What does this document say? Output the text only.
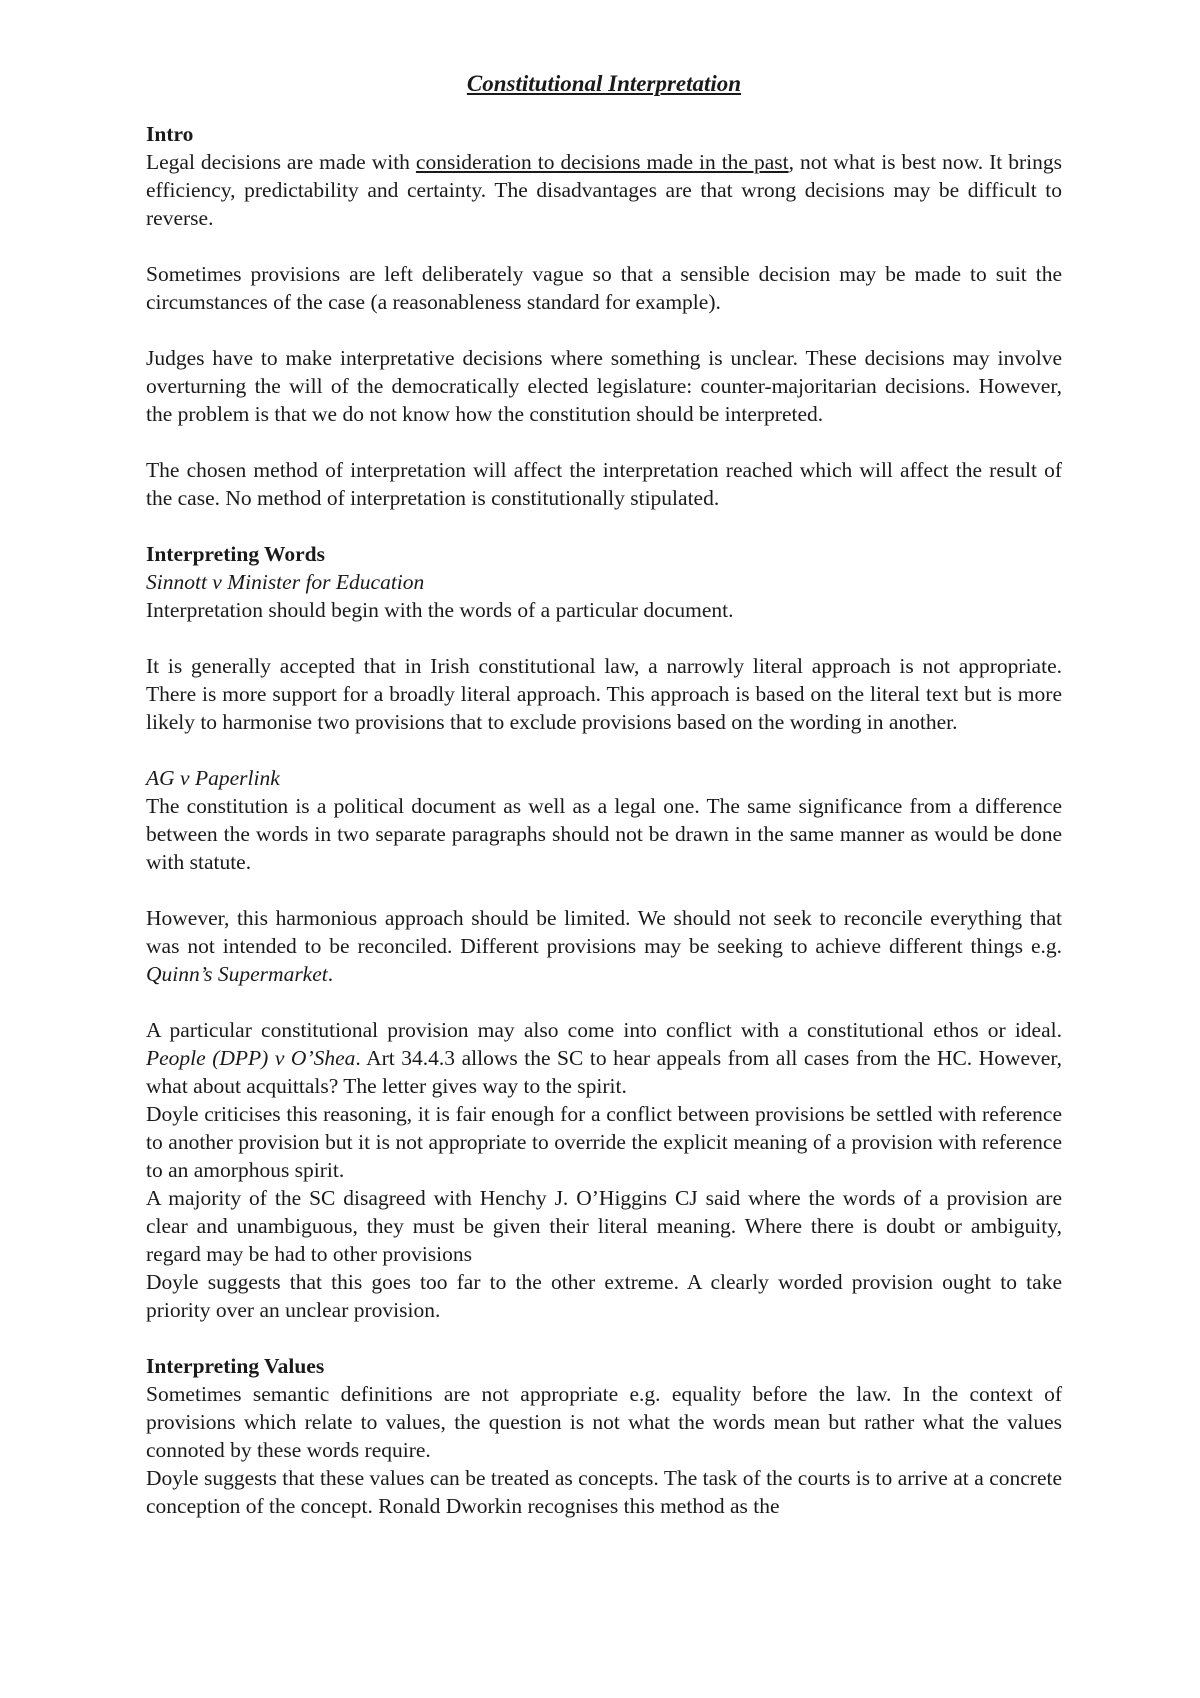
Constitutional Interpretation
Intro

Legal decisions are made with consideration to decisions made in the past, not what is best now. It brings efficiency, predictability and certainty. The disadvantages are that wrong decisions may be difficult to reverse.

Sometimes provisions are left deliberately vague so that a sensible decision may be made to suit the circumstances of the case (a reasonableness standard for example).

Judges have to make interpretative decisions where something is unclear. These decisions may involve overturning the will of the democratically elected legislature: counter-majoritarian decisions. However, the problem is that we do not know how the constitution should be interpreted.

The chosen method of interpretation will affect the interpretation reached which will affect the result of the case. No method of interpretation is constitutionally stipulated.

Interpreting Words
Sinnott v Minister for Education

Interpretation should begin with the words of a particular document.

It is generally accepted that in Irish constitutional law, a narrowly literal approach is not appropriate. There is more support for a broadly literal approach. This approach is based on the literal text but is more likely to harmonise two provisions that to exclude provisions based on the wording in another.

AG v Paperlink

The constitution is a political document as well as a legal one. The same significance from a difference between the words in two separate paragraphs should not be drawn in the same manner as would be done with statute.

However, this harmonious approach should be limited. We should not seek to reconcile everything that was not intended to be reconciled. Different provisions may be seeking to achieve different things e.g. Quinn’s Supermarket.

A particular constitutional provision may also come into conflict with a constitutional ethos or ideal. People (DPP) v O’Shea. Art 34.4.3 allows the SC to hear appeals from all cases from the HC. However, what about acquittals? The letter gives way to the spirit.

Doyle criticises this reasoning, it is fair enough for a conflict between provisions be settled with reference to another provision but it is not appropriate to override the explicit meaning of a provision with reference to an amorphous spirit.

A majority of the SC disagreed with Henchy J. O’Higgins CJ said where the words of a provision are clear and unambiguous, they must be given their literal meaning. Where there is doubt or ambiguity, regard may be had to other provisions

Doyle suggests that this goes too far to the other extreme. A clearly worded provision ought to take priority over an unclear provision.

Interpreting Values

Sometimes semantic definitions are not appropriate e.g. equality before the law. In the context of provisions which relate to values, the question is not what the words mean but rather what the values connoted by these words require.

Doyle suggests that these values can be treated as concepts. The task of the courts is to arrive at a concrete conception of the concept. Ronald Dworkin recognises this method as the
